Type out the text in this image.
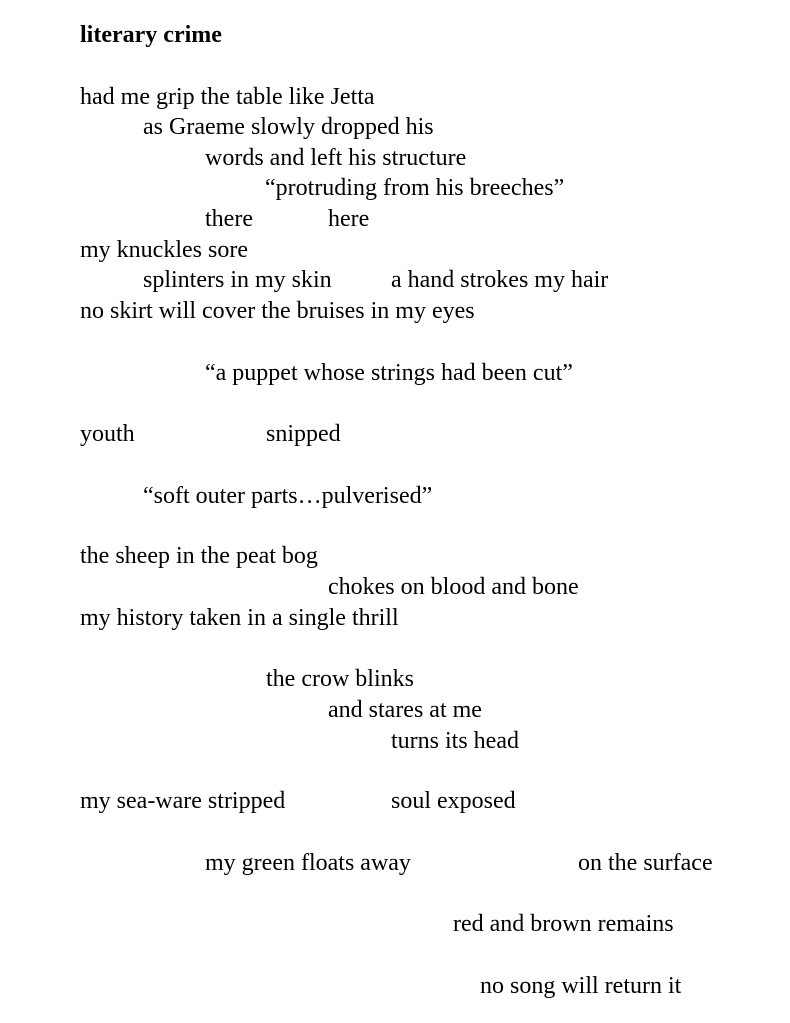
literary crime
had me grip the table like Jetta
as Graeme slowly dropped his
words and left his structure
“protruding from his breeches”
there	here
my knuckles sore
splinters in my skin a hand strokes my hair
no skirt will cover the bruises in my eyes
“a puppet whose strings had been cut”
youth	snipped
“soft outer parts…pulverised”
the sheep in the peat bog
chokes on blood and bone
my history taken in a single thrill
the crow blinks
and stares at me
turns its head
my sea-ware stripped	soul exposed
my green floats away	on the surface
red and brown remains
no song will return it
